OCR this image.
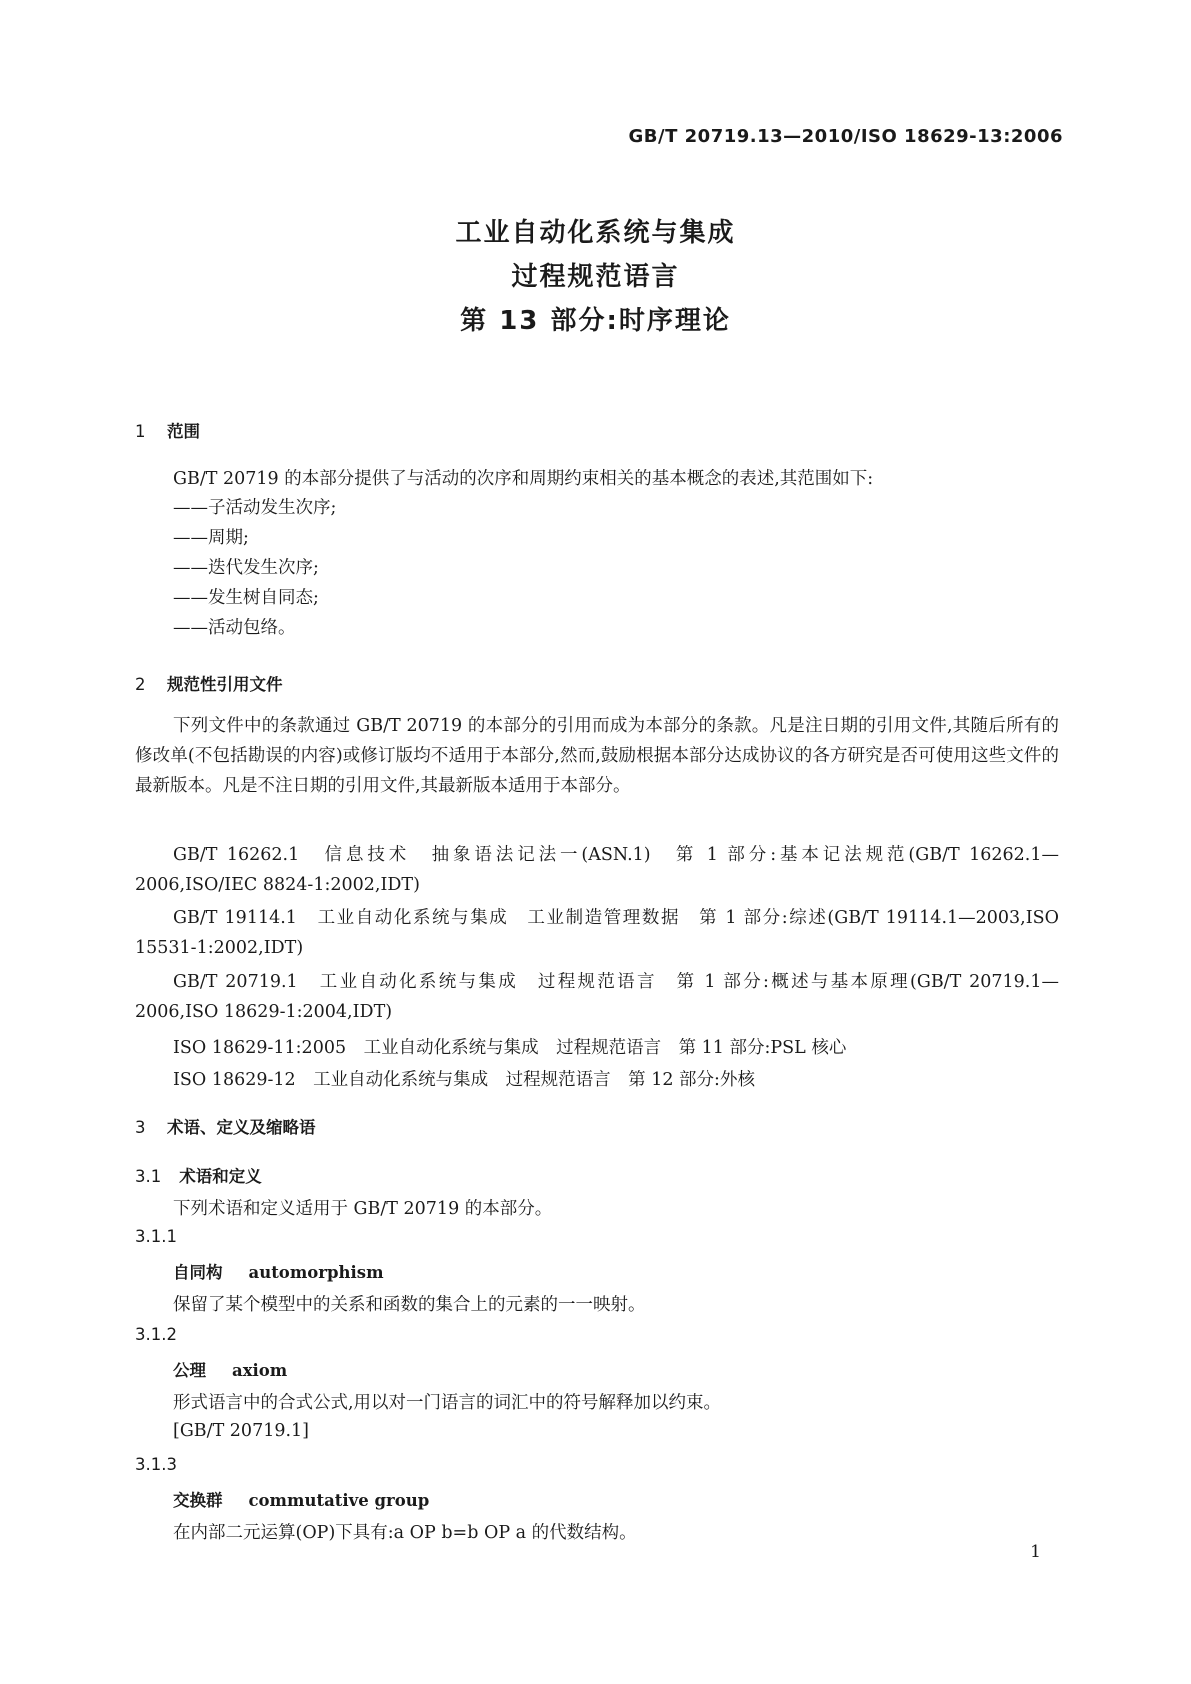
GB/T 20719.13—2010/ISO 18629-13:2006
工业自动化系统与集成
过程规范语言
第 13 部分:时序理论
1 范围
GB/T 20719 的本部分提供了与活动的次序和周期约束相关的基本概念的表述,其范围如下:
——子活动发生次序;
——周期;
——迭代发生次序;
——发生树自同态;
——活动包络。
2 规范性引用文件
下列文件中的条款通过 GB/T 20719 的本部分的引用而成为本部分的条款。凡是注日期的引用文件,其随后所有的修改单(不包括勘误的内容)或修订版均不适用于本部分,然而,鼓励根据本部分达成协议的各方研究是否可使用这些文件的最新版本。凡是不注日期的引用文件,其最新版本适用于本部分。
GB/T 16262.1　信息技术　抽象语法记法一(ASN.1)　第 1 部分:基本记法规范(GB/T 16262.1—2006,ISO/IEC 8824-1:2002,IDT)
GB/T 19114.1　工业自动化系统与集成　工业制造管理数据　第 1 部分:综述(GB/T 19114.1—2003,ISO 15531-1:2002,IDT)
GB/T 20719.1　工业自动化系统与集成　过程规范语言　第 1 部分:概述与基本原理(GB/T 20719.1—2006,ISO 18629-1:2004,IDT)
ISO 18629-11:2005　工业自动化系统与集成　过程规范语言　第 11 部分:PSL 核心
ISO 18629-12　工业自动化系统与集成　过程规范语言　第 12 部分:外核
3 术语、定义及缩略语
3.1 术语和定义
下列术语和定义适用于 GB/T 20719 的本部分。
3.1.1
自同构 automorphism
保留了某个模型中的关系和函数的集合上的元素的一一映射。
3.1.2
公理 axiom
形式语言中的合式公式,用以对一门语言的词汇中的符号解释加以约束。
[GB/T 20719.1]
3.1.3
交换群 commutative group
在内部二元运算(OP)下具有:a OP b=b OP a 的代数结构。
1
